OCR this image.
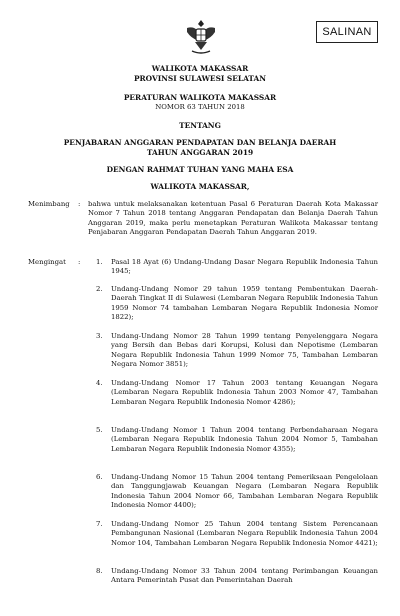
SALINAN
WALIKOTA MAKASSAR
PROVINSI SULAWESI SELATAN
PERATURAN WALIKOTA MAKASSAR
NOMOR 63 TAHUN 2018
TENTANG
PENJABARAN ANGGARAN PENDAPATAN DAN BELANJA DAERAH
TAHUN ANGGARAN 2019
DENGAN RAHMAT TUHAN YANG MAHA ESA
WALIKOTA MAKASSAR,
Menimbang : bahwa untuk melaksanakan ketentuan Pasal 6 Peraturan Daerah Kota Makassar Nomor 7 Tahun 2018 tentang Anggaran Pendapatan dan Belanja Daerah Tahun Anggaran 2019, maka perlu menetapkan Peraturan Walikota Makassar tentang Penjabaran Anggaran Pendapatan Daerah Tahun Anggaran 2019.
Mengingat : 1.	Pasal 18 Ayat (6) Undang-Undang Dasar Negara Republik Indonesia Tahun 1945;
2.	Undang-Undang Nomor 29 tahun 1959 tentang Pembentukan Daerah-Daerah Tingkat II di Sulawesi (Lembaran Negara Republik Indonesia Tahun 1959 Nomor 74 tambahan Lembaran Negara Republik Indonesia Nomor 1822);
3.	Undang-Undang Nomor 28 Tahun 1999 tentang Penyelenggara Negara yang Bersih dan Bebas dari Korupsi, Kolusi dan Nepotisme (Lembaran Negara Republik Indonesia Tahun 1999 Nomor 75, Tambahan Lembaran Negara Nomor 3851);
4.	Undang-Undang Nomor 17 Tahun 2003 tentang Keuangan Negara (Lembaran Negara Republik Indonesia Tahun 2003 Nomor 47, Tambahan Lembaran Negara Republik Indonesia Nomor 4286);
5.	Undang-Undang Nomor 1 Tahun 2004 tentang Perbendaharaan Negara (Lembaran Negara Republik Indonesia Tahun 2004 Nomor 5, Tambahan Lembaran Negara Republik Indonesia Nomor 4355);
6.	Undang-Undang Nomor 15 Tahun 2004 tentang Pemeriksaan Pengelolaan dan Tanggungjawab Keuangan Negara (Lembaran Negara Republik Indonesia Tahun 2004 Nomor 66, Tambahan Lembaran Negara Republik Indonesia Nomor 4400);
7.	Undang-Undang Nomor 25 Tahun 2004 tentang Sistem Perencanaan Pembangunan Nasional (Lembaran Negara Republik Indonesia Tahun 2004 Nomor 104, Tambahan Lembaran Negara Republik Indonesia Nomor 4421);
8.	Undang-Undang Nomor 33 Tahun 2004 tentang Perimbangan Keuangan Antara Pemerintah Pusat dan Pemerintahan Daerah
